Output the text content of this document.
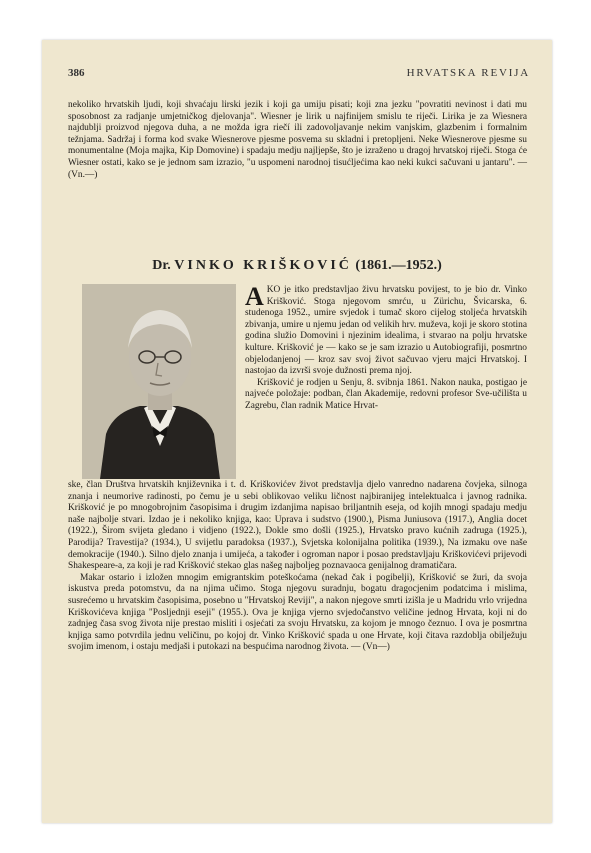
386	HRVATSKA REVIJA

nekoliko hrvatskih ljudi, koji shvaćaju lirski jezik i koji ga umiju pisati; koji zna jezku "povratiti nevinost i dati mu sposobnost za radjanje umjetničkog djelovanja". Wiesner je lirik u najfinijem smislu te riječi. Lirika je za Wiesnera najdublji proizvod njegova duha, a ne možda igra riečí ili zadovoljavanje nekim vanjskim, glazbenim i formalnim težnjama. Sadržaj i forma kod svake Wiesnerove pjesme posvema su skladni i pretopljeni. Neke Wiesnerove pjesme su monumentalne (Moja majka, Kip Domovine) i spadaju medju najljepše, što je izraženo u dragoj hrvatskoj riječi. Stoga će Wiesner ostati, kako se je jednom sam izrazio, "u uspomeni narodnoj tisućljećima kao neki kukci sačuvani u jantaru". — (Vn.—)

Dr. VINKO KRIŠKOVIĆ (1861.—1952.)

AKO je itko predstavljao živu hrvatsku povijest, to je bio dr. Vinko Krišković. Stoga njegovom smrću, u Zürichu, Švicarska, 6. studenoga 1952., umire svjedok i tumač skoro cijelog stoljeća hrvatskih zbivanja, umire u njemu jedan od velikih hrv. muževa, koji je skoro stotina godina služio Domovini i njezinim idealima, i stvarao na polju hrvatske kulture. Krišković je — kako se je sam izrazio u Autobiografiji, posmrtno objelodanjenoj — kroz sav svoj život sačuvao vjeru majci Hrvatskoj. I nastojao da izvrši svoje dužnosti prema njoj.

Krišković je rodjen u Senju, 8. svibnja 1861. Nakon nauka, postigao je najveće položaje: podban, član Akademije, redovni profesor Sve-učilišta u Zagrebu, član radnik Matice Hrvat-

ske, član Društva hrvatskih književnika i t. d. Kriškovićev život predstavlja djelo vanredno nadarena čovjeka, silnoga znanja i neumorive radinosti, po čemu je u sebi oblikovao veliku ličnost najbiranijeg intelektualca i javnog radnika. Krišković je po mnogobrojnim časopisima i drugim izdanjima napisao briljantnih eseja, od kojih mnogi spadaju medju naše najbolje stvari. Izdao je i nekoliko knjiga, kao: Uprava i sudstvo (1900.), Pisma Juniusova (1917.), Anglia docet (1922.), Širom svijeta gledano i vidjeno (1922.), Dokle smo došli (1925.), Hrvatsko pravo kućnih zadruga (1925.), Parodija? Travestija? (1934.), U svijetlu paradoksa (1937.), Svjetska kolonijalna politika (1939.), Na izmaku ove naše demokracije (1940.). Silno djelo znanja i umijeća, a također i ogroman napor i posao predstavljaju Kriškovićevi prijevodi Shakespeare-a, za koji je rad Krišković stekao glas našeg najboljeg poznavaoca genijalnog dramatičara.

Makar ostario i izložen mnogim emigrantskim poteškoćama (nekad čak i pogibelji), Krišković se žuri, da svoja iskustva preda potomstvu, da na njima učimo. Stoga njegovu suradnju, bogatu dragocjenim podatcima i mislima, susrećemo u hrvatskim časopisima, posebno u "Hrvatskoj Reviji", a nakon njegove smrti izišla je u Madridu vrlo vrijedna Kriškovićeva knjiga "Posljednji eseji" (1955.). Ova je knjiga vjerno svjedočanstvo veličine jednog Hrvata, koji ni do zadnjeg časa svog života nije prestao misliti i osjećati za svoju Hrvatsku, za kojom je mnogo čeznuo. I ova je posmrtna knjiga samo potvrdila jednu veličinu, po kojoj dr. Vinko Krišković spada u one Hrvate, koji čitava razdoblja obilježuju svojim imenom, i ostaju medjaši i putokazi na bespućima narodnog života. — (Vn—)
